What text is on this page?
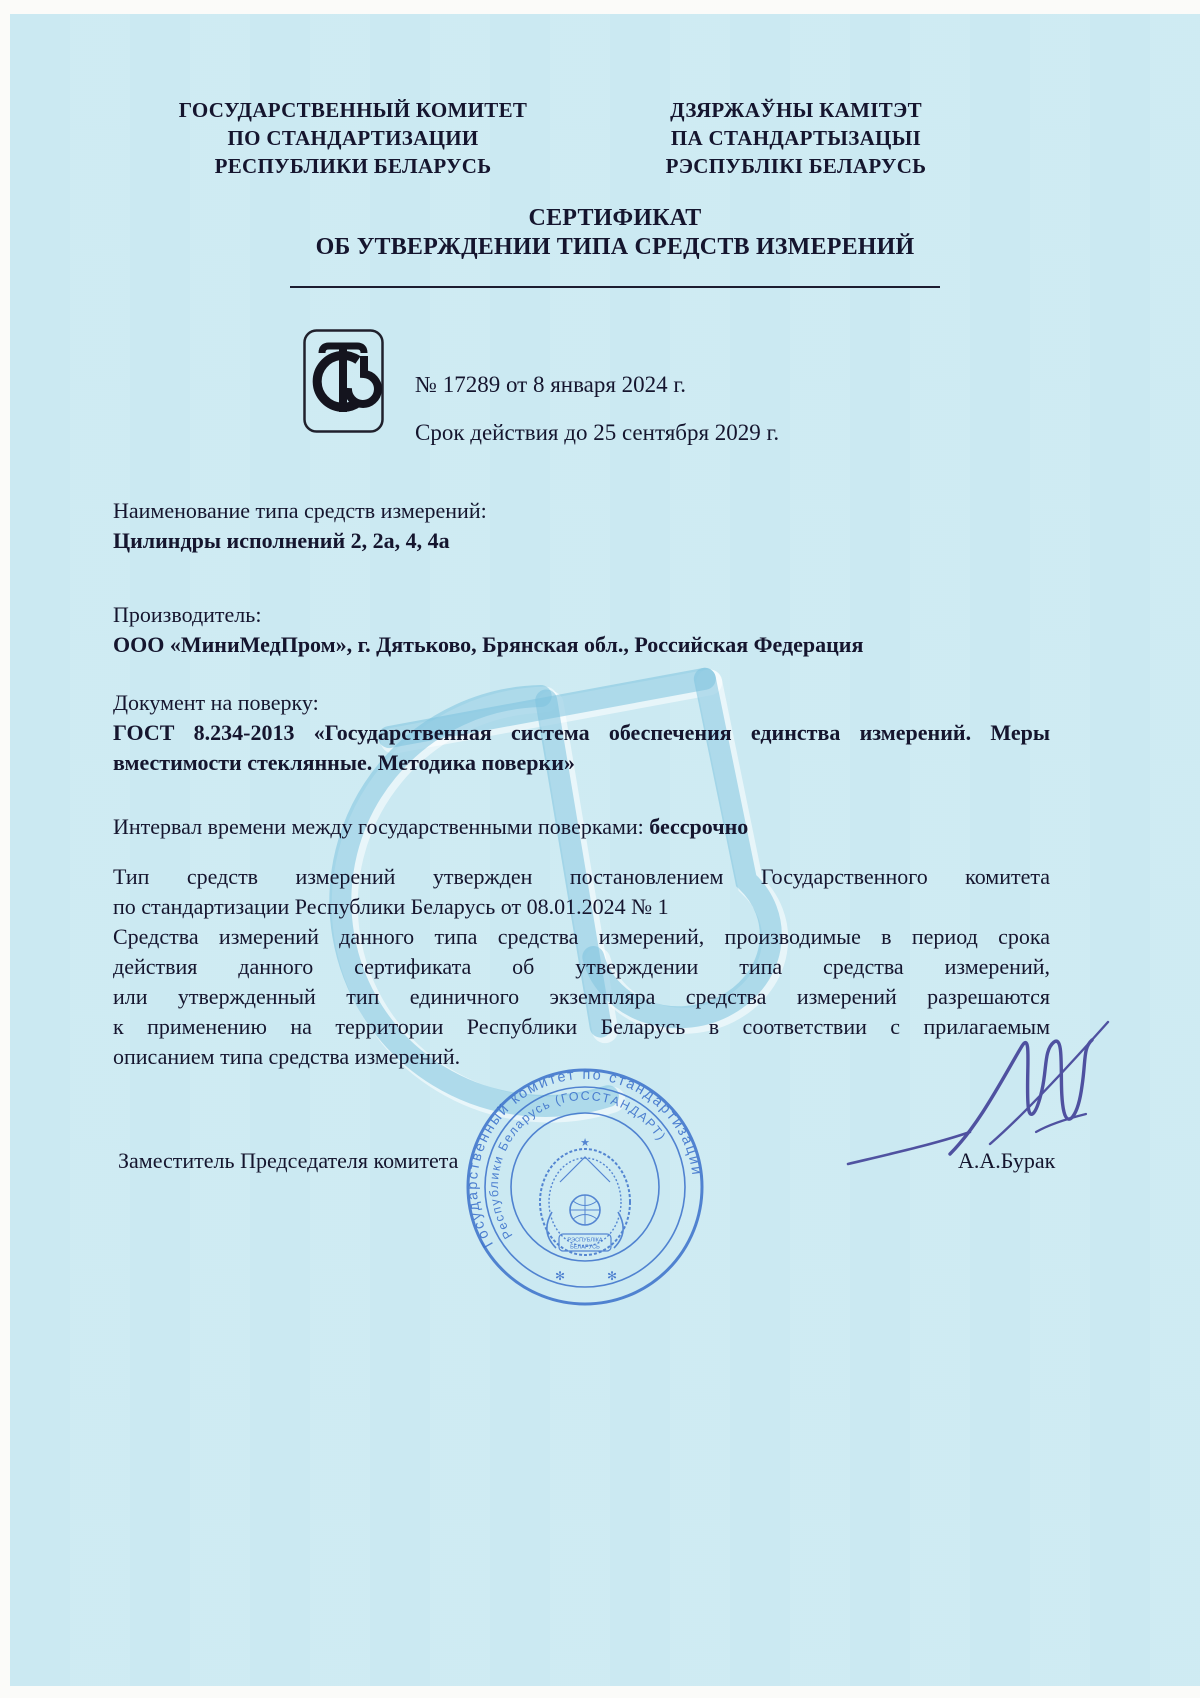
ГОСУДАРСТВЕННЫЙ КОМИТЕТ
ПО СТАНДАРТИЗАЦИИ
РЕСПУБЛИКИ БЕЛАРУСЬ
ДЗЯРЖАЎНЫ КАМІТЭТ
ПА СТАНДАРТЫЗАЦЫІ
РЭСПУБЛІКІ БЕЛАРУСЬ
СЕРТИФИКАТ
ОБ УТВЕРЖДЕНИИ ТИПА СРЕДСТВ ИЗМЕРЕНИЙ
№ 17289 от 8 января 2024 г.
Срок действия до 25 сентября 2029 г.
Наименование типа средств измерений:
Цилиндры исполнений 2, 2а, 4, 4а
Производитель:
ООО «МиниМедПром», г. Дятьково, Брянская обл., Российская Федерация
Документ на поверку:
ГОСТ 8.234-2013 «Государственная система обеспечения единства измерений. Меры
вместимости стеклянные. Методика поверки»
Интервал времени между государственными поверками: бессрочно
Тип средств измерений утвержден постановлением Государственного комитета
по стандартизации Республики Беларусь от 08.01.2024 № 1
Средства измерений данного типа средства измерений, производимые в период срока
действия данного сертификата об утверждении типа средства измерений,
или утвержденный тип единичного экземпляра средства измерений разрешаются
к применению на территории Республики Беларусь в соответствии с прилагаемым
описанием типа средства измерений.
Заместитель Председателя комитета	А.А.Бурак
Государственный комитет по стандартизации
Республики Беларусь (ГОССТАНДАРТ)
✻	✻
★
РЭСПУБЛІКА
БЕЛАРУСЬ
